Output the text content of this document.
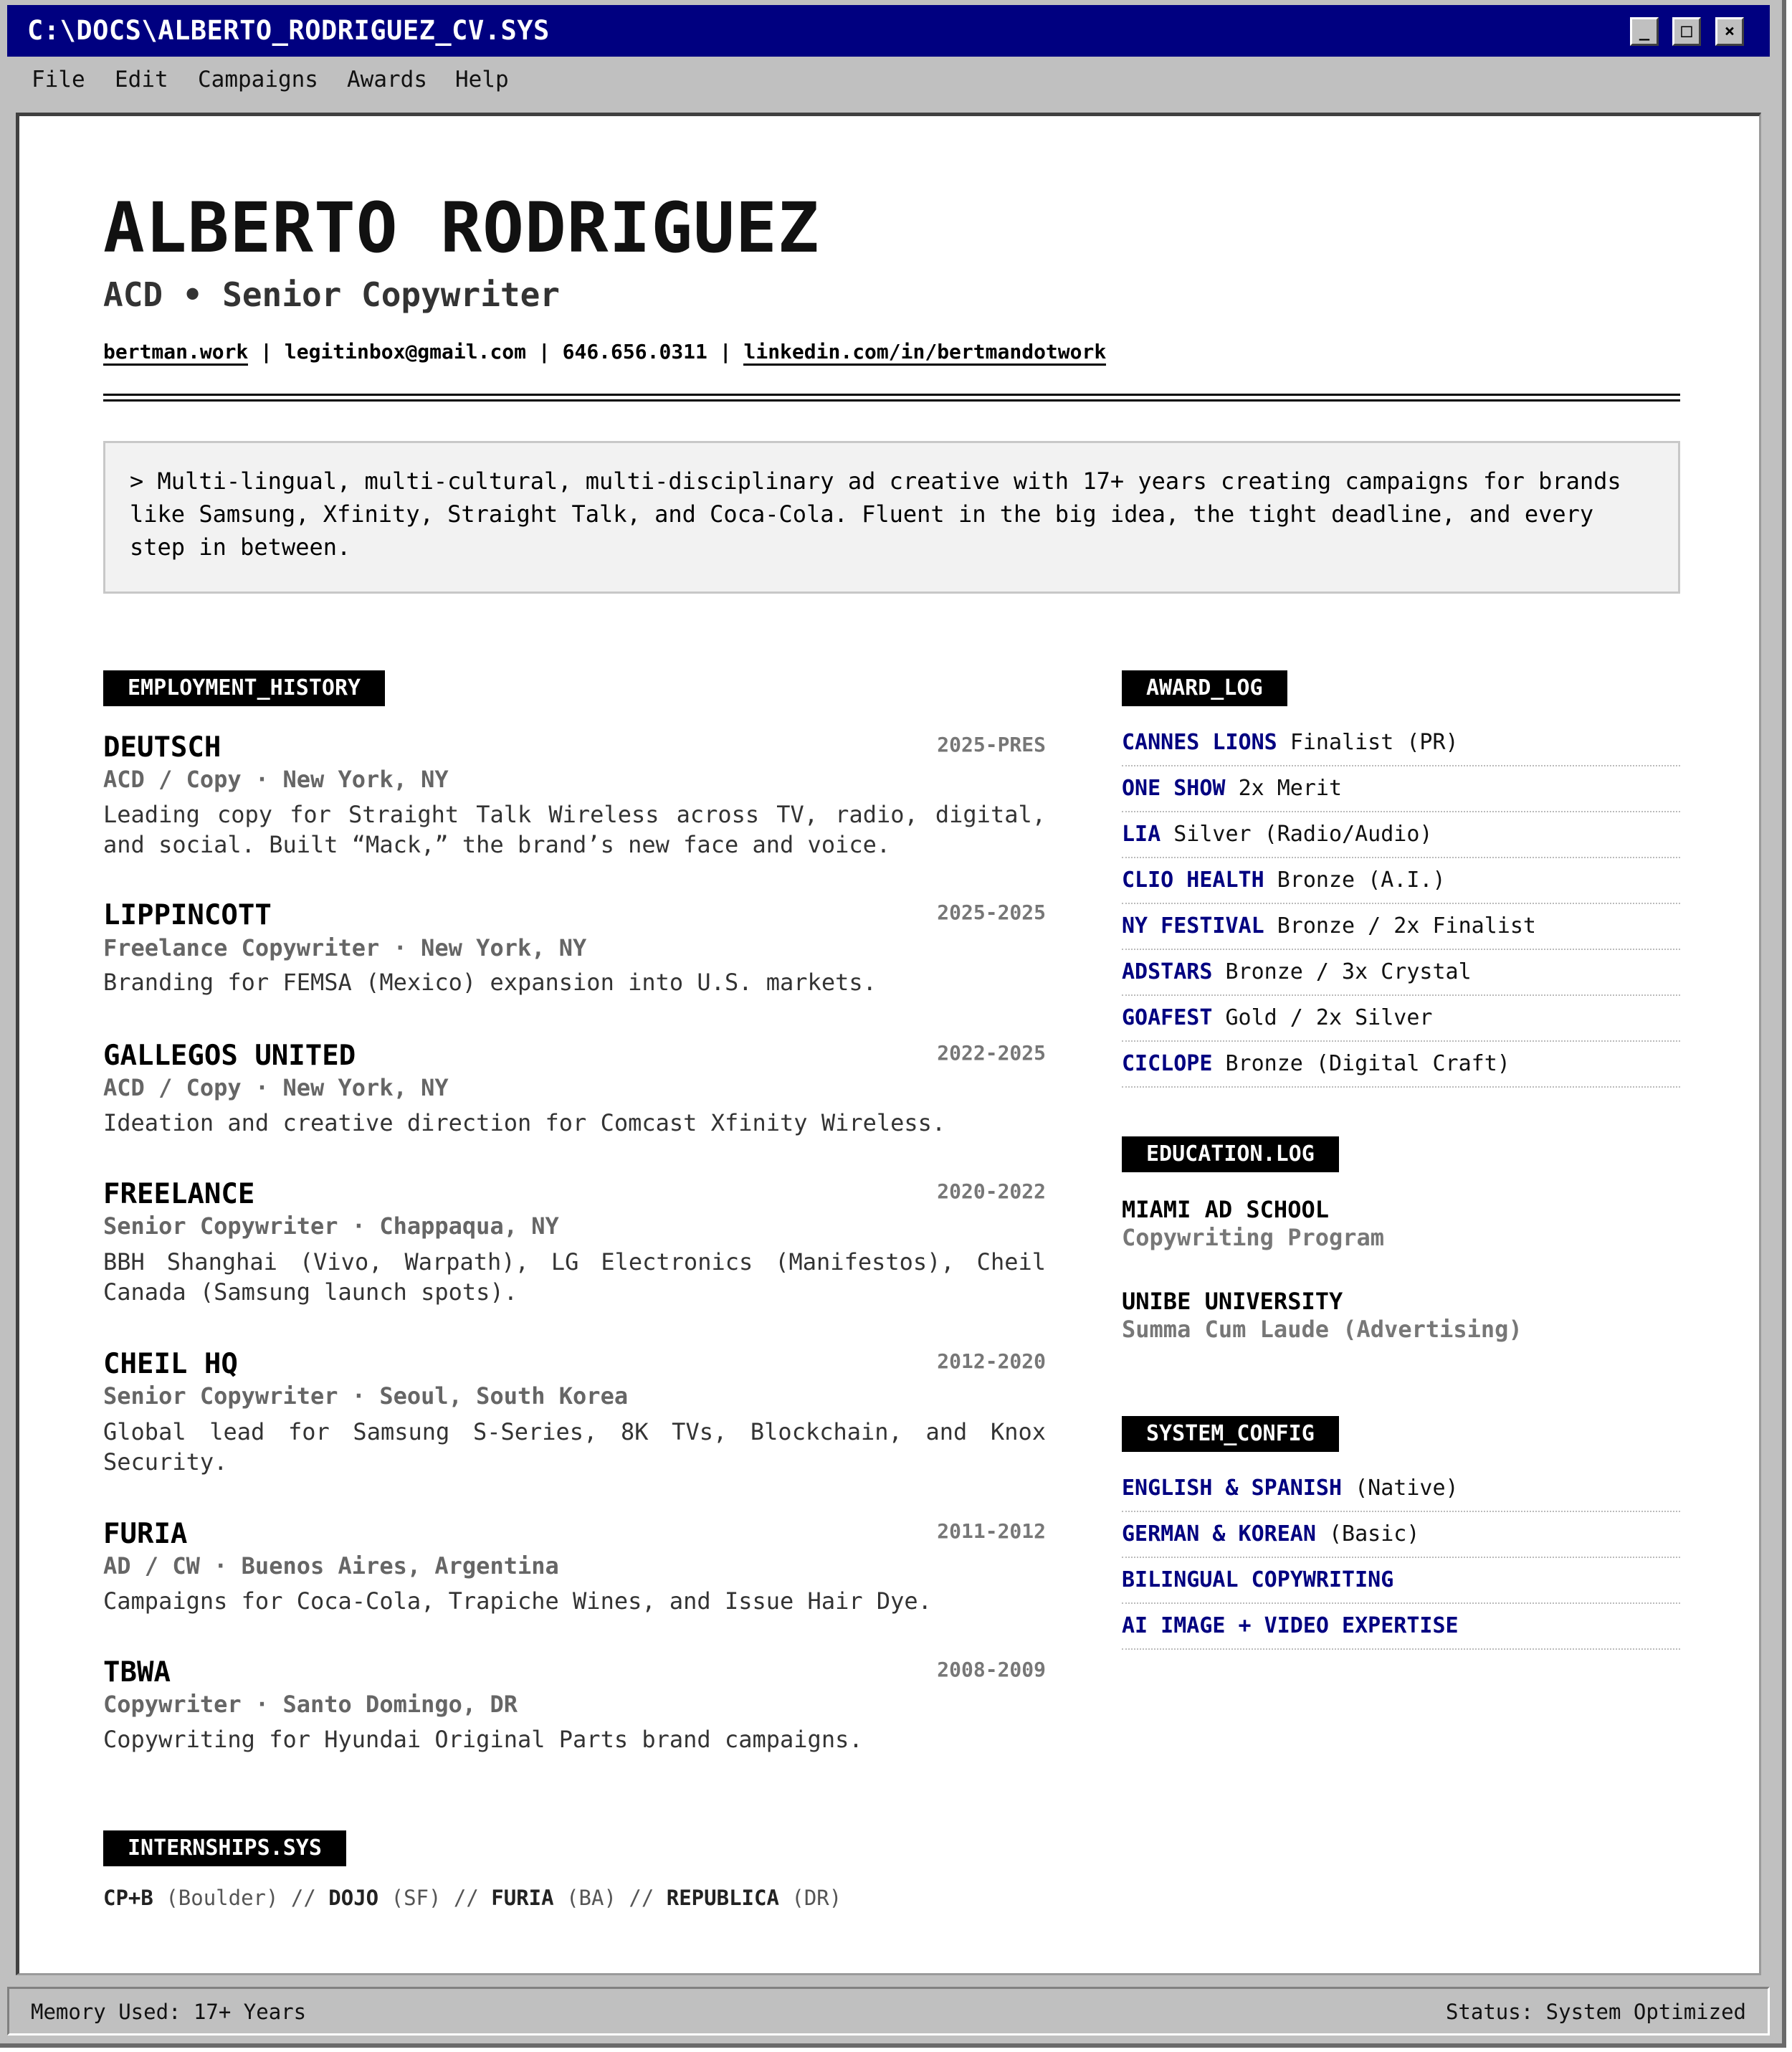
C:\DOCS\ALBERTO_RODRIGUEZ_CV.SYS	_	□	×
File Edit Campaigns Awards Help
ALBERTO RODRIGUEZ
ACD • Senior Copywriter
bertman.work | legitinbox@gmail.com | 646.656.0311 | linkedin.com/in/bertmandotwork
> Multi-lingual, multi-cultural, multi-disciplinary ad creative with 17+ years creating campaigns for brands like Samsung, Xfinity, Straight Talk, and Coca-Cola. Fluent in the big idea, the tight deadline, and every step in between.
EMPLOYMENT_HISTORY
DEUTSCH	2025-PRES
ACD / Copy · New York, NY
Leading copy for Straight Talk Wireless across TV, radio, digital, and social. Built “Mack,” the brand’s new face and voice.
LIPPINCOTT	2025-2025
Freelance Copywriter · New York, NY
Branding for FEMSA (Mexico) expansion into U.S. markets.
GALLEGOS UNITED	2022-2025
ACD / Copy · New York, NY
Ideation and creative direction for Comcast Xfinity Wireless.
FREELANCE	2020-2022
Senior Copywriter · Chappaqua, NY
BBH Shanghai (Vivo, Warpath), LG Electronics (Manifestos), Cheil Canada (Samsung launch spots).
CHEIL HQ	2012-2020
Senior Copywriter · Seoul, South Korea
Global lead for Samsung S-Series, 8K TVs, Blockchain, and Knox Security.
FURIA	2011-2012
AD / CW · Buenos Aires, Argentina
Campaigns for Coca-Cola, Trapiche Wines, and Issue Hair Dye.
TBWA	2008-2009
Copywriter · Santo Domingo, DR
Copywriting for Hyundai Original Parts brand campaigns.
INTERNSHIPS.SYS
CP+B (Boulder) // DOJO (SF) // FURIA (BA) // REPUBLICA (DR)
AWARD_LOG
CANNES LIONS Finalist (PR)
ONE SHOW 2x Merit
LIA Silver (Radio/Audio)
CLIO HEALTH Bronze (A.I.)
NY FESTIVAL Bronze / 2x Finalist
ADSTARS Bronze / 3x Crystal
GOAFEST Gold / 2x Silver
CICLOPE Bronze (Digital Craft)
EDUCATION.LOG
MIAMI AD SCHOOL
Copywriting Program
UNIBE UNIVERSITY
Summa Cum Laude (Advertising)
SYSTEM_CONFIG
ENGLISH & SPANISH (Native)
GERMAN & KOREAN (Basic)
BILINGUAL COPYWRITING
AI IMAGE + VIDEO EXPERTISE
Memory Used: 17+ Years	Status: System Optimized
